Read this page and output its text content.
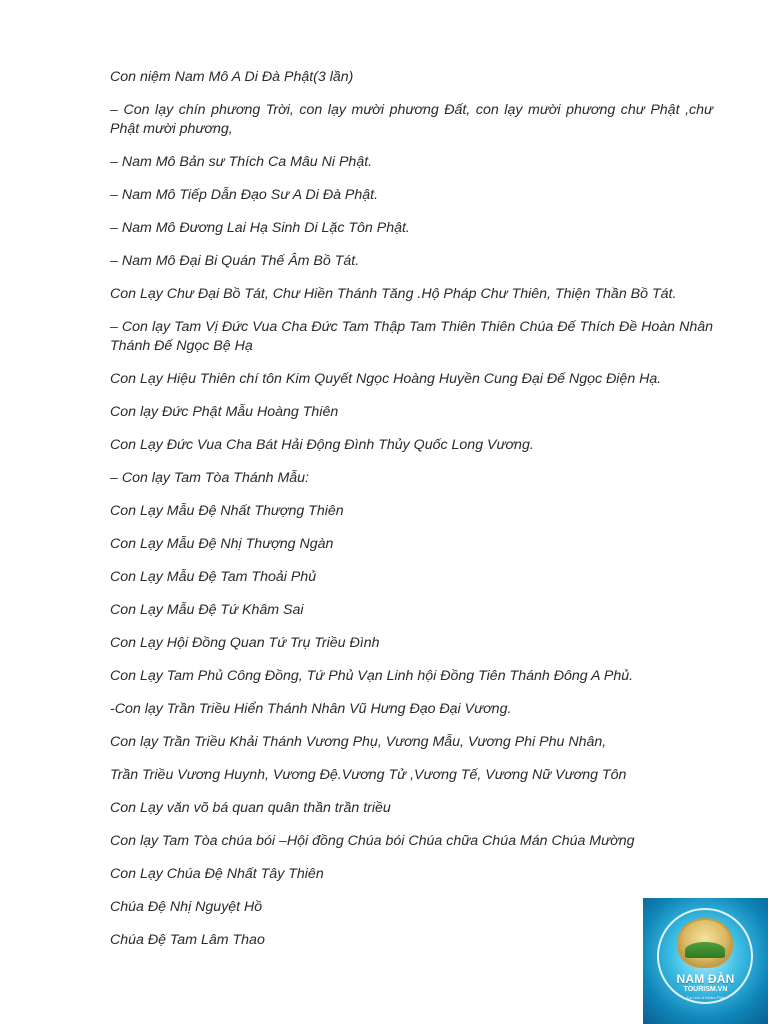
Con niệm Nam Mô A Di Đà Phật(3 lần)

– Con lạy chín phương Trời, con lạy mười phương Đất, con lạy mười phương chư Phật ,chư Phật mười phương,

– Nam Mô Bản sư Thích Ca Mâu Ni Phật.

– Nam Mô Tiếp Dẫn Đạo Sư A Di Đà Phật.

– Nam Mô Đương Lai Hạ Sinh Di Lặc Tôn Phật.

– Nam Mô Đại Bi Quán Thế Âm Bồ Tát.

Con Lạy Chư Đại Bồ Tát, Chư Hiền Thánh Tăng .Hộ Pháp Chư Thiên, Thiện Thần Bồ Tát.

– Con lạy Tam Vị Đức Vua Cha Đức Tam Thập Tam Thiên Thiên Chúa Đế Thích Đề Hoàn Nhân Thánh Đế Ngọc Bệ Hạ

Con Lạy Hiệu Thiên chí tôn Kim Quyết Ngọc Hoàng Huyền Cung Đại Đế Ngọc Điện Hạ.

Con lạy Đức Phật Mẫu Hoàng Thiên

Con Lạy Đức Vua Cha Bát Hải Động Đình Thủy Quốc Long Vương.

– Con lạy Tam Tòa Thánh Mẫu:

Con Lạy Mẫu Đệ Nhất Thượng Thiên

Con Lạy Mẫu Đệ Nhị Thượng Ngàn

Con Lạy Mẫu Đệ Tam Thoải Phủ

Con Lạy Mẫu Đệ Tứ Khâm Sai

Con Lạy Hội Đồng Quan Tứ Trụ Triều Đình

Con Lạy Tam Phủ Công Đồng, Tứ Phủ Vạn Linh hội Đồng Tiên Thánh Đông A Phủ.

-Con lạy Trần Triều Hiển Thánh Nhân Vũ Hưng Đạo Đại Vương.

Con lạy Trần Triều Khải Thánh Vương Phụ, Vương Mẫu, Vương Phi Phu Nhân,

Trần Triều Vương Huynh, Vương Đệ.Vương Tử ,Vương Tế, Vương Nữ Vương Tôn

Con Lạy văn võ bá quan quân thần trần triều

Con lạy Tam Tòa chúa bói –Hội đồng Chúa bói Chúa chữa Chúa Mán Chúa Mường

Con Lạy Chúa Đệ Nhất Tây Thiên

Chúa Đệ Nhị Nguyệt Hồ

Chúa Đệ Tam Lâm Thao

NAM ĐÀN
TOURISM.VN
Du Lịch & Khám Phá
